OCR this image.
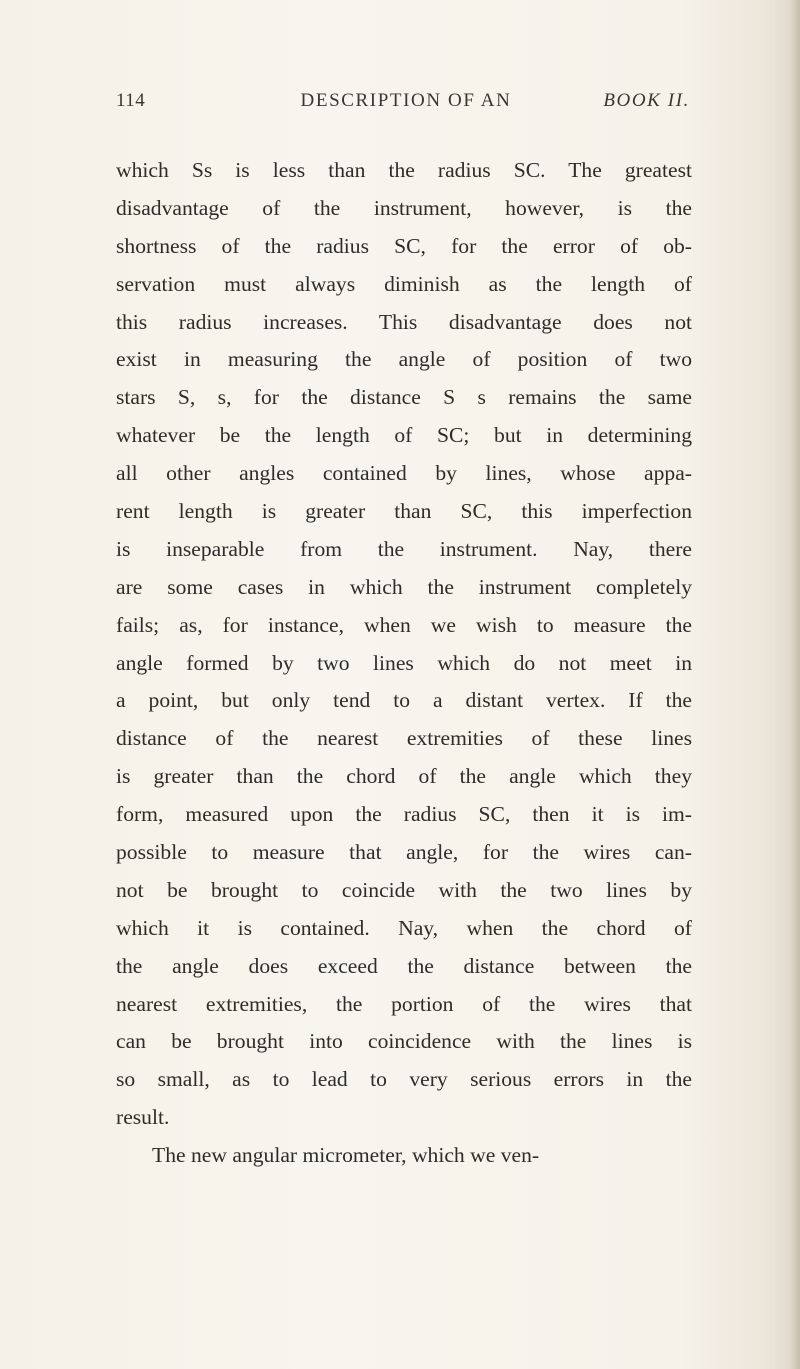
114	DESCRIPTION OF AN	BOOK II.
which Ss is less than the radius SC. The greatest
disadvantage of the instrument, however, is the
shortness of the radius SC, for the error of ob-
servation must always diminish as the length of
this radius increases. This disadvantage does not
exist in measuring the angle of position of two
stars S, s, for the distance S s remains the same
whatever be the length of SC; but in determining
all other angles contained by lines, whose appa-
rent length is greater than SC, this imperfection
is inseparable from the instrument. Nay, there
are some cases in which the instrument completely
fails; as, for instance, when we wish to measure the
angle formed by two lines which do not meet in
a point, but only tend to a distant vertex. If the
distance of the nearest extremities of these lines
is greater than the chord of the angle which they
form, measured upon the radius SC, then it is im-
possible to measure that angle, for the wires can-
not be brought to coincide with the two lines by
which it is contained. Nay, when the chord of
the angle does exceed the distance between the
nearest extremities, the portion of the wires that
can be brought into coincidence with the lines is
so small, as to lead to very serious errors in the
result.
The new angular micrometer, which we ven-
